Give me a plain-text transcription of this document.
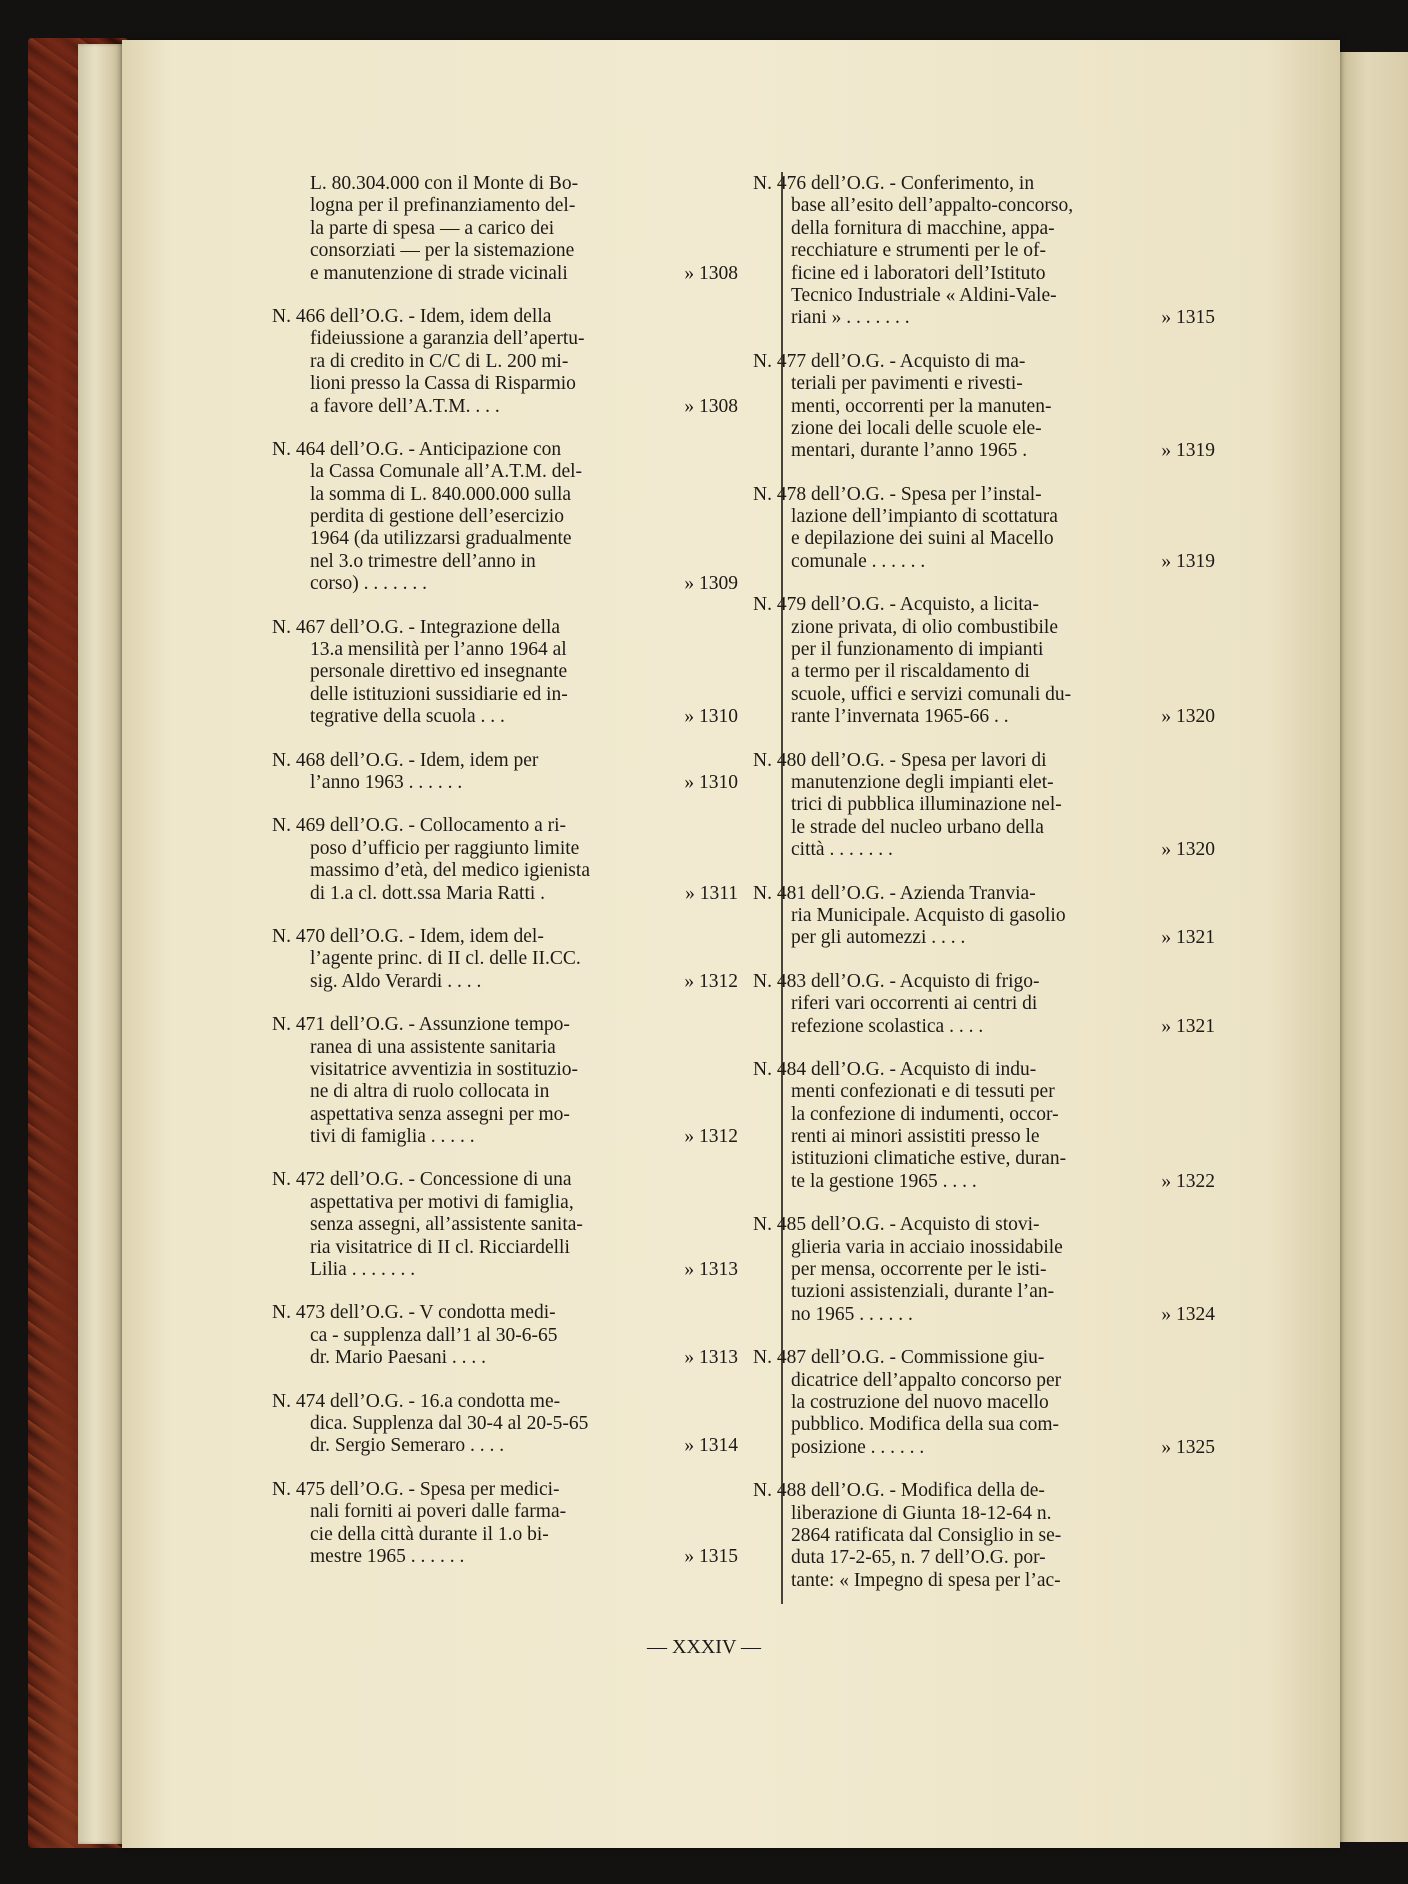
L. 80.304.000 con il Monte di Bo-
logna per il prefinanziamento del-
la parte di spesa — a carico dei
consorziati — per la sistemazione
e manutenzione di strade vicinali	» 1308
N. 466 dell’O.G. - Idem, idem della
fideiussione a garanzia dell’apertu-
ra di credito in C/C di L. 200 mi-
lioni presso la Cassa di Risparmio
a favore dell’A.T.M. . . .	» 1308
N. 464 dell’O.G. - Anticipazione con
la Cassa Comunale all’A.T.M. del-
la somma di L. 840.000.000 sulla
perdita di gestione dell’esercizio
1964 (da utilizzarsi gradualmente
nel 3.o trimestre dell’anno in
corso) . . . . . . .	» 1309
N. 467 dell’O.G. - Integrazione della
13.a mensilità per l’anno 1964 al
personale direttivo ed insegnante
delle istituzioni sussidiarie ed in-
tegrative della scuola . . .	» 1310
N. 468 dell’O.G. - Idem, idem per
l’anno 1963 . . . . . .	» 1310
N. 469 dell’O.G. - Collocamento a ri-
poso d’ufficio per raggiunto limite
massimo d’età, del medico igienista
di 1.a cl. dott.ssa Maria Ratti .	» 1311
N. 470 dell’O.G. - Idem, idem del-
l’agente princ. di II cl. delle II.CC.
sig. Aldo Verardi . . . .	» 1312
N. 471 dell’O.G. - Assunzione tempo-
ranea di una assistente sanitaria
visitatrice avventizia in sostituzio-
ne di altra di ruolo collocata in
aspettativa senza assegni per mo-
tivi di famiglia . . . . .	» 1312
N. 472 dell’O.G. - Concessione di una
aspettativa per motivi di famiglia,
senza assegni, all’assistente sanita-
ria visitatrice di II cl. Ricciardelli
Lilia . . . . . . .	» 1313
N. 473 dell’O.G. - V condotta medi-
ca - supplenza dall’1 al 30-6-65
dr. Mario Paesani . . . .	» 1313
N. 474 dell’O.G. - 16.a condotta me-
dica. Supplenza dal 30-4 al 20-5-65
dr. Sergio Semeraro . . . .	» 1314
N. 475 dell’O.G. - Spesa per medici-
nali forniti ai poveri dalle farma-
cie della città durante il 1.o bi-
mestre 1965 . . . . . .	» 1315
N. 476 dell’O.G. - Conferimento, in
base all’esito dell’appalto-concorso,
della fornitura di macchine, appa-
recchiature e strumenti per le of-
ficine ed i laboratori dell’Istituto
Tecnico Industriale « Aldini-Vale-
riani » . . . . . . .	» 1315
N. 477 dell’O.G. - Acquisto di ma-
teriali per pavimenti e rivesti-
menti, occorrenti per la manuten-
zione dei locali delle scuole ele-
mentari, durante l’anno 1965 .	» 1319
N. 478 dell’O.G. - Spesa per l’instal-
lazione dell’impianto di scottatura
e depilazione dei suini al Macello
comunale . . . . . .	» 1319
N. 479 dell’O.G. - Acquisto, a licita-
zione privata, di olio combustibile
per il funzionamento di impianti
a termo per il riscaldamento di
scuole, uffici e servizi comunali du-
rante l’invernata 1965-66 . .	» 1320
N. 480 dell’O.G. - Spesa per lavori di
manutenzione degli impianti elet-
trici di pubblica illuminazione nel-
le strade del nucleo urbano della
città . . . . . . .	» 1320
N. 481 dell’O.G. - Azienda Tranvia-
ria Municipale. Acquisto di gasolio
per gli automezzi . . . .	» 1321
N. 483 dell’O.G. - Acquisto di frigo-
riferi vari occorrenti ai centri di
refezione scolastica . . . .	» 1321
N. 484 dell’O.G. - Acquisto di indu-
menti confezionati e di tessuti per
la confezione di indumenti, occor-
renti ai minori assistiti presso le
istituzioni climatiche estive, duran-
te la gestione 1965 . . . .	» 1322
N. 485 dell’O.G. - Acquisto di stovi-
glieria varia in acciaio inossidabile
per mensa, occorrente per le isti-
tuzioni assistenziali, durante l’an-
no 1965 . . . . . .	» 1324
N. 487 dell’O.G. - Commissione giu-
dicatrice dell’appalto concorso per
la costruzione del nuovo macello
pubblico. Modifica della sua com-
posizione . . . . . .	» 1325
N. 488 dell’O.G. - Modifica della de-
liberazione di Giunta 18-12-64 n.
2864 ratificata dal Consiglio in se-
duta 17-2-65, n. 7 dell’O.G. por-
tante: « Impegno di spesa per l’ac-
— XXXIV —
